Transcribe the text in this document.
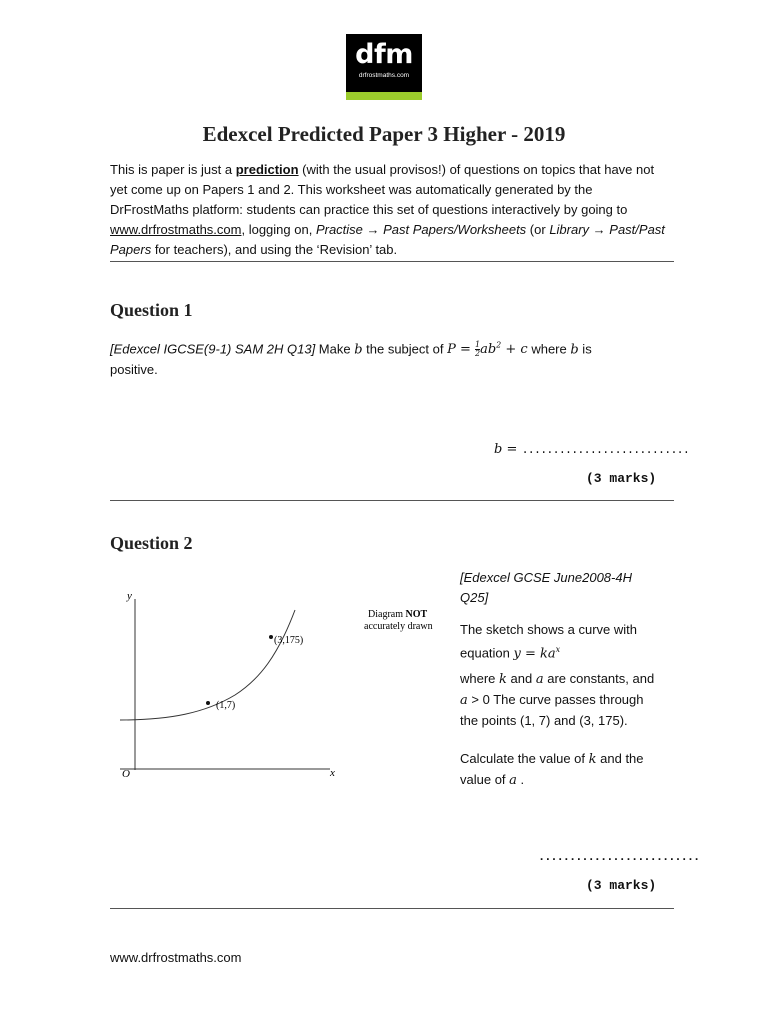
dfm
drfrostmaths.com
Edexcel Predicted Paper 3 Higher - 2019
This is paper is just a prediction (with the usual provisos!) of questions on topics that have not yet come up on Papers 1 and 2. This worksheet was automatically generated by the DrFrostMaths platform: students can practice this set of questions interactively by going to www.drfrostmaths.com, logging on, Practise → Past Papers/Worksheets (or Library → Past/Past Papers for teachers), and using the ‘Revision’ tab.
Question 1
[Edexcel IGCSE(9-1) SAM 2H Q13] Make b the subject of $P = \frac{1}{2} ab^2 + c$ where b is positive.
b = ...........................
(3 marks)
Question 2
y
x
O
(1,7)
(3,175)
Diagram NOT
accurately drawn
[Edexcel GCSE June2008-4H Q25]
The sketch shows a curve with equation $y = ka^x$
where k and a are constants, and a > 0 The curve passes through the points (1, 7) and (3, 175).
Calculate the value of k and the value of a .
..........................
(3 marks)
www.drfrostmaths.com
